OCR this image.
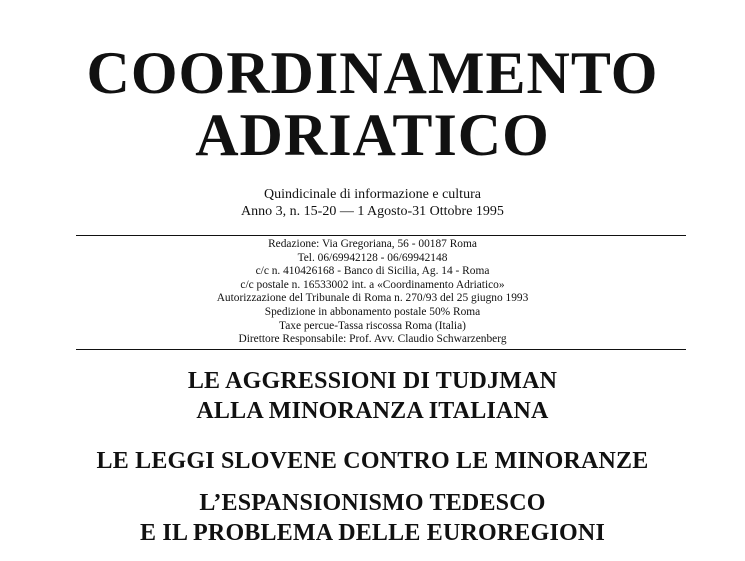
COORDINAMENTO
ADRIATICO
Quindicinale di informazione e cultura
Anno 3, n. 15-20 — 1 Agosto-31 Ottobre 1995
Redazione: Via Gregoriana, 56 - 00187 Roma
Tel. 06/69942128 - 06/69942148
c/c n. 410426168 - Banco di Sicilia, Ag. 14 - Roma
c/c postale n. 16533002 int. a «Coordinamento Adriatico»
Autorizzazione del Tribunale di Roma n. 270/93 del 25 giugno 1993
Spedizione in abbonamento postale 50% Roma
Taxe percue-Tassa riscossa Roma (Italia)
Direttore Responsabile: Prof. Avv. Claudio Schwarzenberg
LE AGGRESSIONI DI TUDJMAN
ALLA MINORANZA ITALIANA
LE LEGGI SLOVENE CONTRO LE MINORANZE
L’ESPANSIONISMO TEDESCO
E IL PROBLEMA DELLE EUROREGIONI
